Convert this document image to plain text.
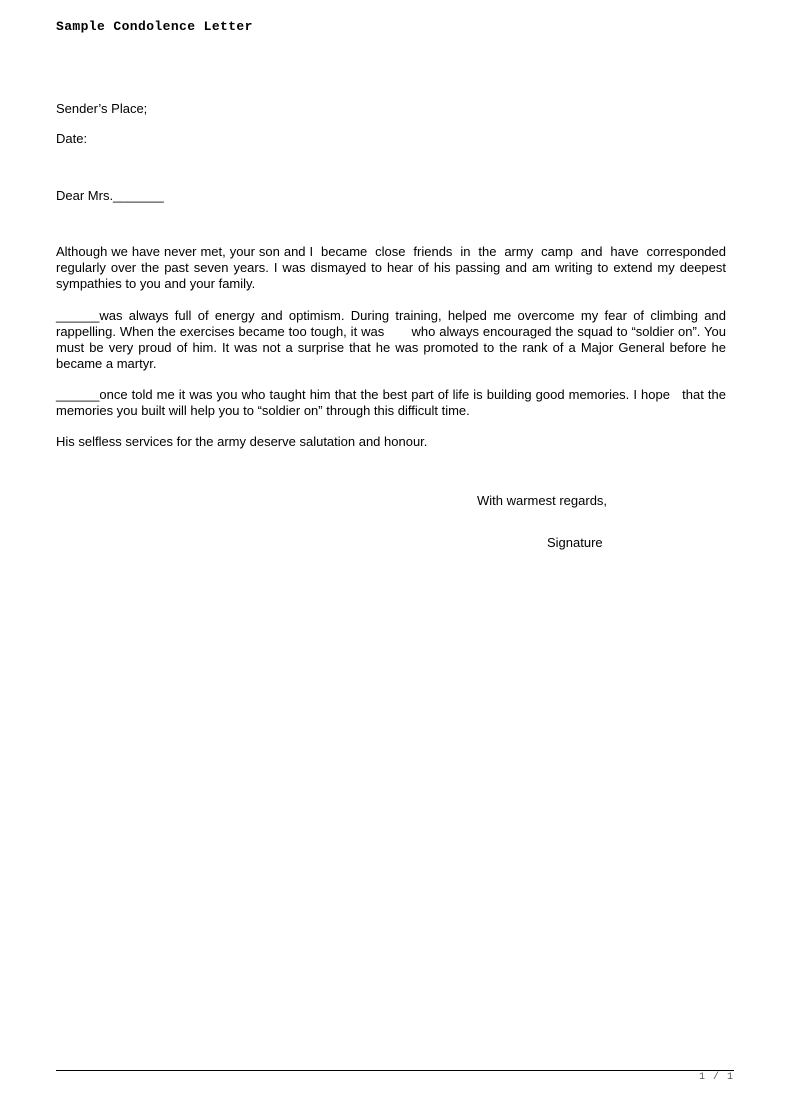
Sample Condolence Letter
Sender’s Place;
Date:
Dear Mrs._______
Although we have never met, your son and I  became  close  friends  in  the  army  camp  and  have  corresponded regularly over the past seven years. I was dismayed to hear of his passing and am writing to extend my deepest sympathies to you and your family.
______was always full of energy and optimism. During training, helped me overcome my fear of climbing and rappelling. When the exercises became too tough, it was       who always encouraged the squad to “soldier on”. You must be very proud of him. It was not a surprise that he was promoted to the rank of a Major General before he became a martyr.
______once told me it was you who taught him that the best part of life is building good memories. I hope   that the memories you built will help you to “soldier on” through this difficult time.
His selfless services for the army deserve salutation and honour.
With warmest regards,
Signature
1 / 1
